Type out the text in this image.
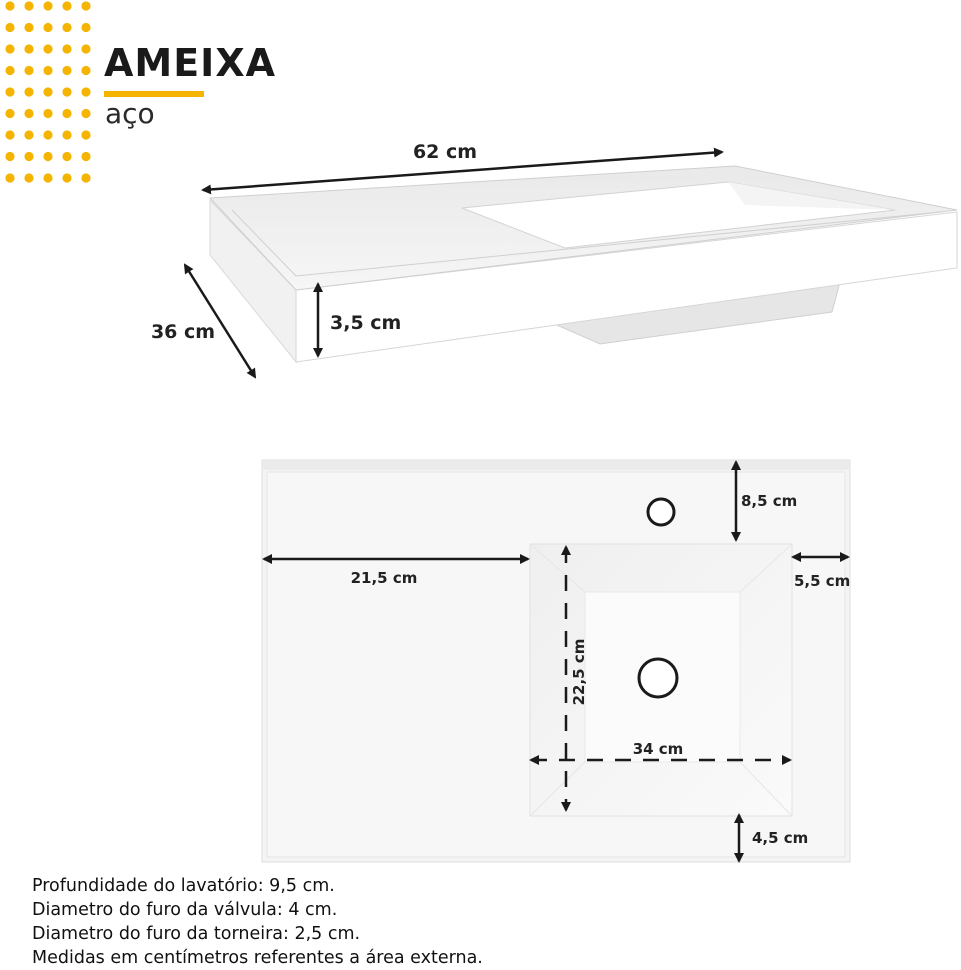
AMEIXA
aço
62 cm
36 cm	3,5 cm
8,5 cm
21,5 cm	5,5 cm
22,5 cm
34 cm
4,5 cm
Profundidade do lavatório: 9,5 cm.
Diametro do furo da válvula: 4 cm.
Diametro do furo da torneira: 2,5 cm.
Medidas em centímetros referentes a área externa.
